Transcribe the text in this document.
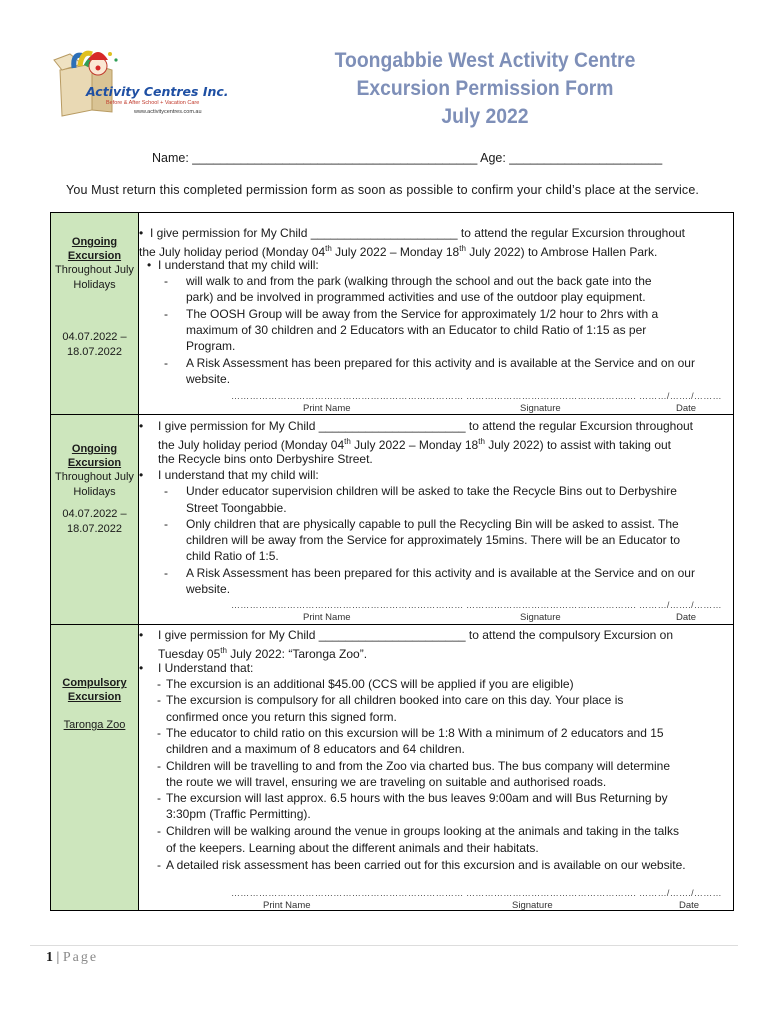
Activity Centres Inc.
Before & After School + Vacation Care
www.activitycentres.com.au
Toongabbie West Activity Centre
Excursion Permission Form
July 2022
Name: _________________________________________ Age: ______________________
You Must return this completed permission form as soon as possible to confirm your child’s place at the service.
Ongoing
Excursion
Throughout July
Holidays
04.07.2022 –
18.07.2022
• I give permission for My Child ______________________ to attend the regular Excursion throughout
the July holiday period (Monday 04th July 2022 – Monday 18th July 2022) to Ambrose Hallen Park.
• I understand that my child will:
- will walk to and from the park (walking through the school and out the back gate into the
park) and be involved in programmed activities and use of the outdoor play equipment.
- The OOSH Group will be away from the Service for approximately 1/2 hour to 2hrs with a
maximum of 30 children and 2 Educators with an Educator to child Ratio of 1:15 as per
Program.
- A Risk Assessment has been prepared for this activity and is available at the Service and on our
website.
………………………………………………………………… ………………………………………………. ………/……./………
Print Name	Signature	Date
Ongoing
Excursion
Throughout July
Holidays
04.07.2022 –
18.07.2022
• I give permission for My Child ______________________ to attend the regular Excursion throughout
the July holiday period (Monday 04th July 2022 – Monday 18th July 2022) to assist with taking out
the Recycle bins onto Derbyshire Street.
• I understand that my child will:
- Under educator supervision children will be asked to take the Recycle Bins out to Derbyshire
Street Toongabbie.
- Only children that are physically capable to pull the Recycling Bin will be asked to assist. The
children will be away from the Service for approximately 15mins. There will be an Educator to
child Ratio of 1:5.
- A Risk Assessment has been prepared for this activity and is available at the Service and on our
website.
………………………………………………………………… ………………………………………………. ………/……./………
Print Name	Signature	Date
Compulsory
Excursion
Taronga Zoo
• I give permission for My Child ______________________ to attend the compulsory Excursion on
Tuesday 05th July 2022: “Taronga Zoo”.
• I Understand that:
- The excursion is an additional $45.00 (CCS will be applied if you are eligible)
- The excursion is compulsory for all children booked into care on this day. Your place is
confirmed once you return this signed form.
- The educator to child ratio on this excursion will be 1:8 With a minimum of 2 educators and 15
children and a maximum of 8 educators and 64 children.
- Children will be travelling to and from the Zoo via charted bus. The bus company will determine
the route we will travel, ensuring we are traveling on suitable and authorised roads.
- The excursion will last approx. 6.5 hours with the bus leaves 9:00am and will Bus Returning by
3:30pm (Traffic Permitting).
- Children will be walking around the venue in groups looking at the animals and taking in the talks
of the keepers. Learning about the different animals and their habitats.
- A detailed risk assessment has been carried out for this excursion and is available on our website.
………………………………………………………………… ………………………………………………. ………/……./………
Print Name	Signature	Date
1 | Page
